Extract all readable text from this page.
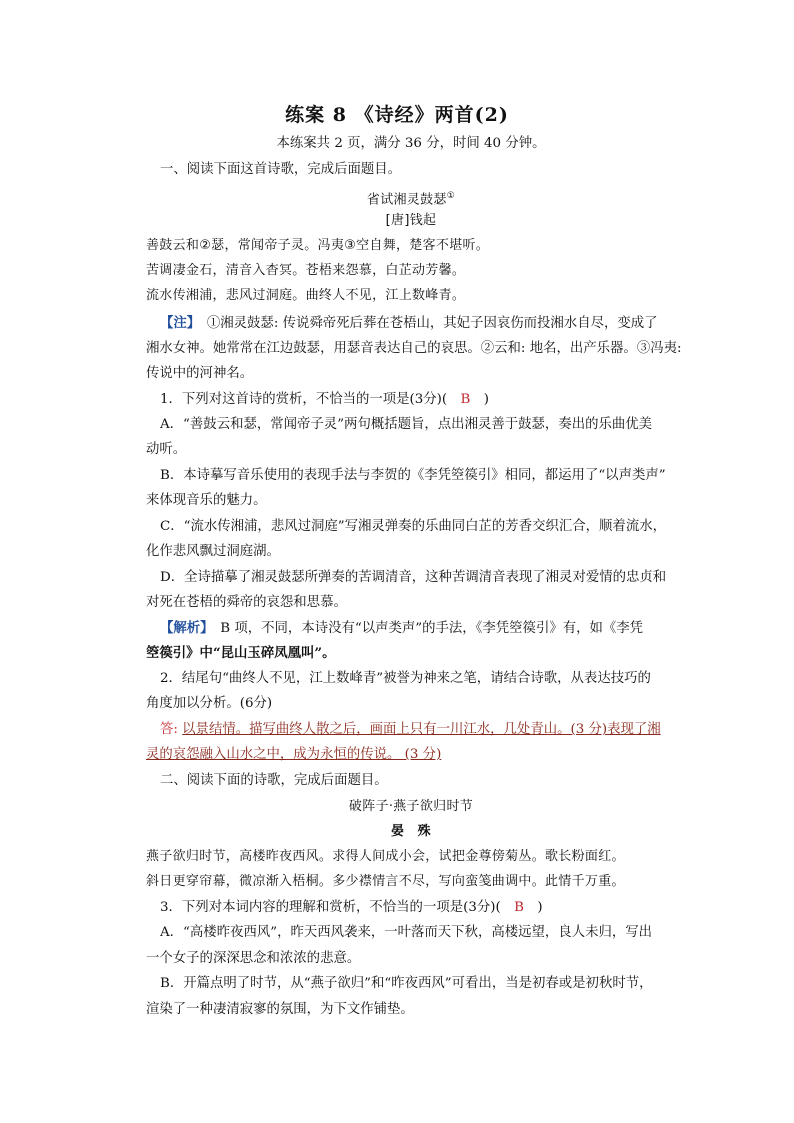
练案 8 《诗经》两首(2)
本练案共 2 页，满分 36 分，时间 40 分钟。
一、阅读下面这首诗歌，完成后面题目。
省试湘灵鼓瑟①
[唐]钱起
善鼓云和②瑟，常闻帝子灵。冯夷③空自舞，楚客不堪听。
苦调凄金石，清音入杳冥。苍梧来怨慕，白芷动芳馨。
流水传湘浦，悲风过洞庭。曲终人不见，江上数峰青。
【注】　 ①湘灵鼓瑟: 传说舜帝死后葬在苍梧山，其妃子因哀伤而投湘水自尽，变成了
湘水女神。她常常在江边鼓瑟，用瑟音表达自己的哀思。②云和: 地名，出产乐器。③冯夷:
传说中的河神名。
1．下列对这首诗的赏析，不恰当的一项是(3分)(　 B　 )
A．“善鼓云和瑟，常闻帝子灵”两句概括题旨，点出湘灵善于鼓瑟，奏出的乐曲优美
动听。
B．本诗摹写音乐使用的表现手法与李贺的《李凭箜篌引》相同，都运用了“以声类声”
来体现音乐的魅力。
C．“流水传湘浦，悲风过洞庭”写湘灵弹奏的乐曲同白芷的芳香交织汇合，顺着流水，
化作悲风飘过洞庭湖。
D．全诗描摹了湘灵鼓瑟所弹奏的苦调清音，这种苦调清音表现了湘灵对爱情的忠贞和
对死在苍梧的舜帝的哀怨和思慕。
【解析】　 B 项，不同，本诗没有“以声类声”的手法，《李凭箜篌引》有，如《李凭
箜篌引》中“昆山玉碎凤凰叫”。
2．结尾句“曲终人不见，江上数峰青”被誉为神来之笔，请结合诗歌，从表达技巧的
角度加以分析。(6分)
答: 以景结情。描写曲终人散之后，画面上只有一川江水，几处青山。(3 分)表现了湘
灵的哀怨融入山水之中，成为永恒的传说。 (3 分)
二、阅读下面的诗歌，完成后面题目。
破阵子·燕子欲归时节
晏　殊
燕子欲归时节，高楼昨夜西风。求得人间成小会，试把金尊傍菊丛。歌长粉面红。
斜日更穿帘幕，微凉渐入梧桐。多少襟情言不尽，写向蛮笺曲调中。此情千万重。
3．下列对本词内容的理解和赏析，不恰当的一项是(3分)(　 B　 )
A．“高楼昨夜西风”，昨天西风袭来，一叶落而天下秋，高楼远望，良人未归，写出
一个女子的深深思念和浓浓的悲意。
B．开篇点明了时节，从“燕子欲归”和“昨夜西风”可看出，当是初春或是初秋时节，
渲染了一种凄清寂寥的氛围，为下文作铺垫。
